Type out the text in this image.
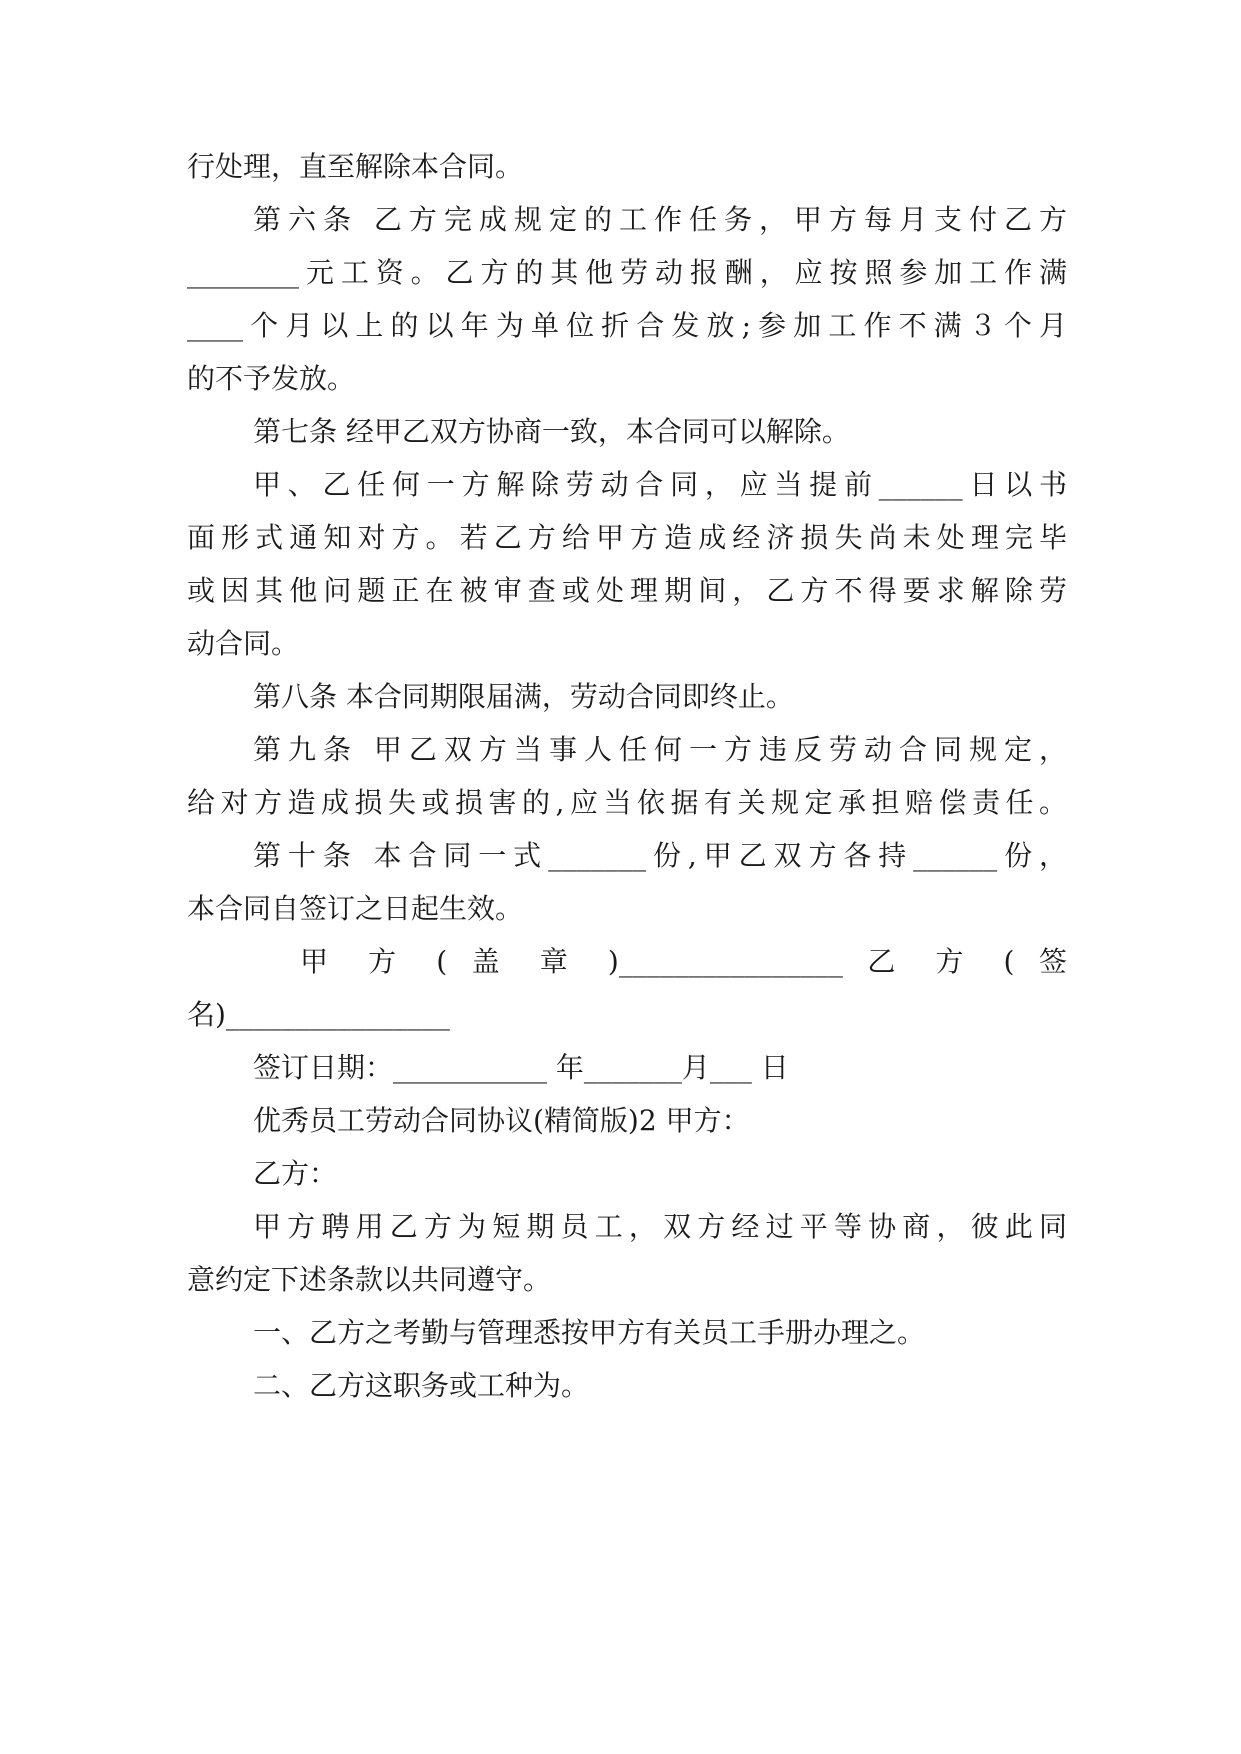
行处理，直至解除本合同。
第六条 乙方完成规定的工作任务，甲方每月支付乙方
________元工资。乙方的其他劳动报酬，应按照参加工作满
____个月以上的以年为单位折合发放;参加工作不满３个月
的不予发放。
第七条 经甲乙双方协商一致，本合同可以解除。
甲、乙任何一方解除劳动合同，应当提前______日以书
面形式通知对方。若乙方给甲方造成经济损失尚未处理完毕
或因其他问题正在被审查或处理期间，乙方不得要求解除劳
动合同。
第八条 本合同期限届满，劳动合同即终止。
第九条 甲乙双方当事人任何一方违反劳动合同规定，
给对方造成损失或损害的,应当依据有关规定承担赔偿责任。
第十条 本合同一式_______份,甲乙双方各持______份，
本合同自签订之日起生效。
甲 方 ( 盖 章 )________________ 乙 方 ( 签
名)________________
签订日期：___________ 年_______月___ 日
优秀员工劳动合同协议(精简版)2 甲方：
乙方：
甲方聘用乙方为短期员工，双方经过平等协商，彼此同
意约定下述条款以共同遵守。
一、乙方之考勤与管理悉按甲方有关员工手册办理之。
二、乙方这职务或工种为。
